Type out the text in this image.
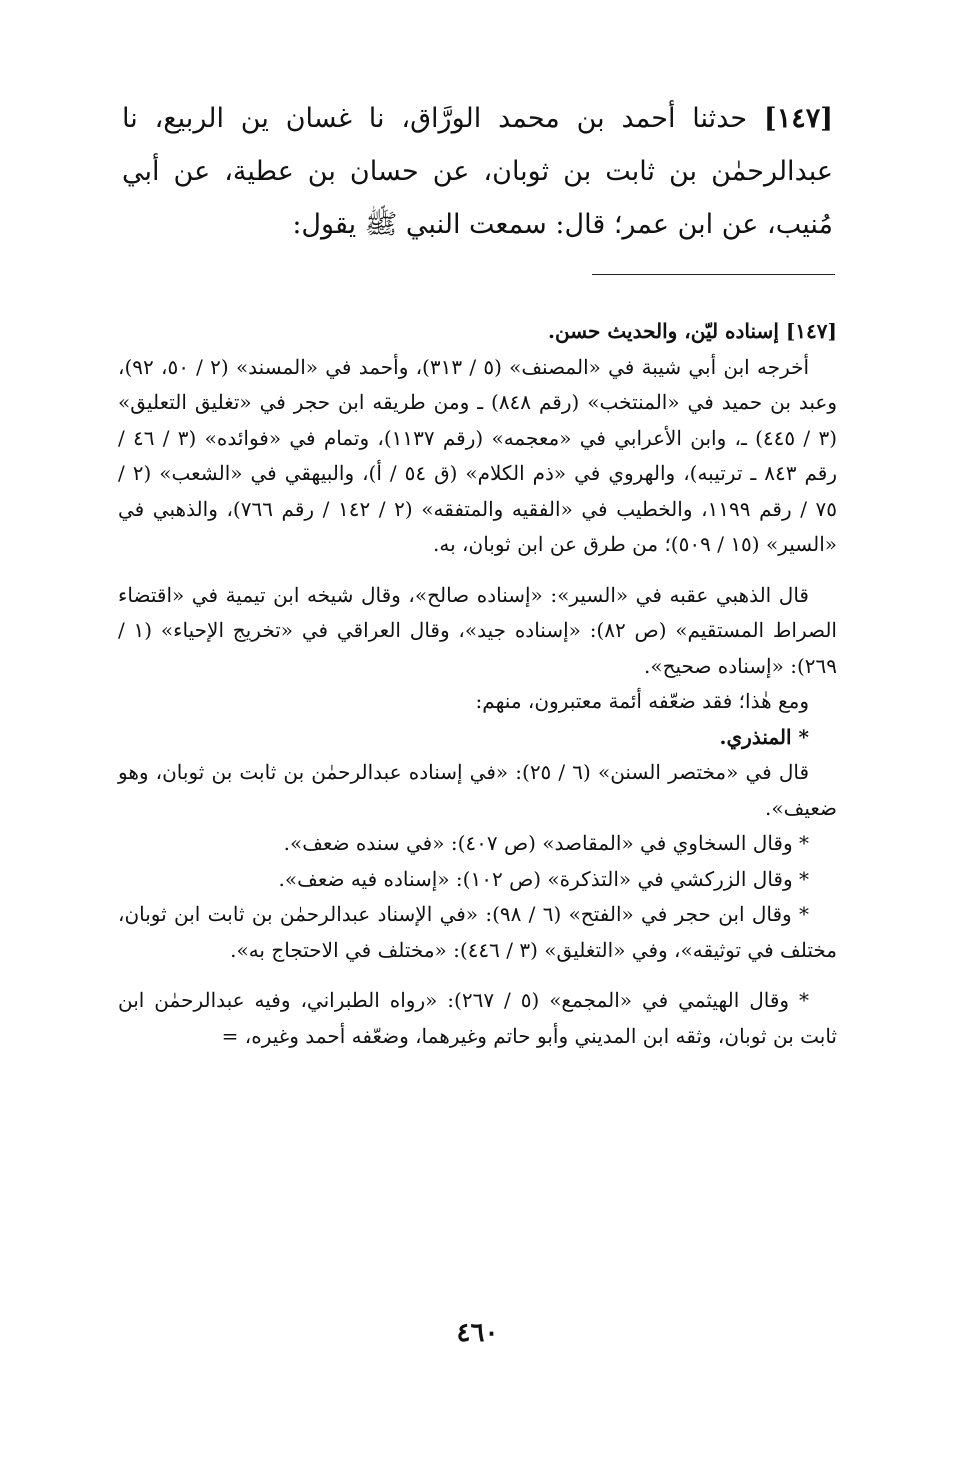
[١٤٧] حدثنا أحمد بن محمد الورَّاق، نا غسان ين الربيع، نا عبدالرحمٰن بن ثابت بن ثوبان، عن حسان بن عطية، عن أبي مُنيب، عن ابن عمر؛ قال: سمعت النبي ﷺ يقول:

[١٤٧] إسناده ليّن، والحديث حسن.

أخرجه ابن أبي شيبة في «المصنف» (٥ / ٣١٣)، وأحمد في «المسند» (٢ / ٥٠، ٩٢)، وعبد بن حميد في «المنتخب» (رقم ٨٤٨) ـ ومن طريقه ابن حجر في «تغليق التعليق» (٣ / ٤٤٥) ـ، وابن الأعرابي في «معجمه» (رقم ١١٣٧)، وتمام في «فوائده» (٣ / ٤٦ / رقم ٨٤٣ ـ ترتيبه)، والهروي في «ذم الكلام» (ق ٥٤ / أ)، والبيهقي في «الشعب» (٢ / ٧٥ / رقم ١١٩٩، والخطيب في «الفقيه والمتفقه» (٢ / ١٤٢ / رقم ٧٦٦)، والذهبي في «السير» (١٥ / ٥٠٩)؛ من طرق عن ابن ثوبان، به.

قال الذهبي عقبه في «السير»: «إسناده صالح»، وقال شيخه ابن تيمية في «اقتضاء الصراط المستقيم» (ص ٨٢): «إسناده جيد»، وقال العراقي في «تخريج الإحياء» (١ / ٢٦٩): «إسناده صحيح».

ومع هٰذا؛ فقد ضعّفه أئمة معتبرون، منهم:

* المنذري.

قال في «مختصر السنن» (٦ / ٢٥): «في إسناده عبدالرحمٰن بن ثابت بن ثوبان، وهو ضعيف».

* وقال السخاوي في «المقاصد» (ص ٤٠٧): «في سنده ضعف».

* وقال الزركشي في «التذكرة» (ص ١٠٢): «إسناده فيه ضعف».

* وقال ابن حجر في «الفتح» (٦ / ٩٨): «في الإسناد عبدالرحمٰن بن ثابت ابن ثوبان، مختلف في توثيقه»، وفي «التغليق» (٣ / ٤٤٦): «مختلف في الاحتجاج به».

* وقال الهيثمي في «المجمع» (٥ / ٢٦٧): «رواه الطبراني، وفيه عبدالرحمٰن ابن ثابت بن ثوبان، وثقه ابن المديني وأبو حاتم وغيرهما، وضعّفه أحمد وغيره، =

٤٦٠
